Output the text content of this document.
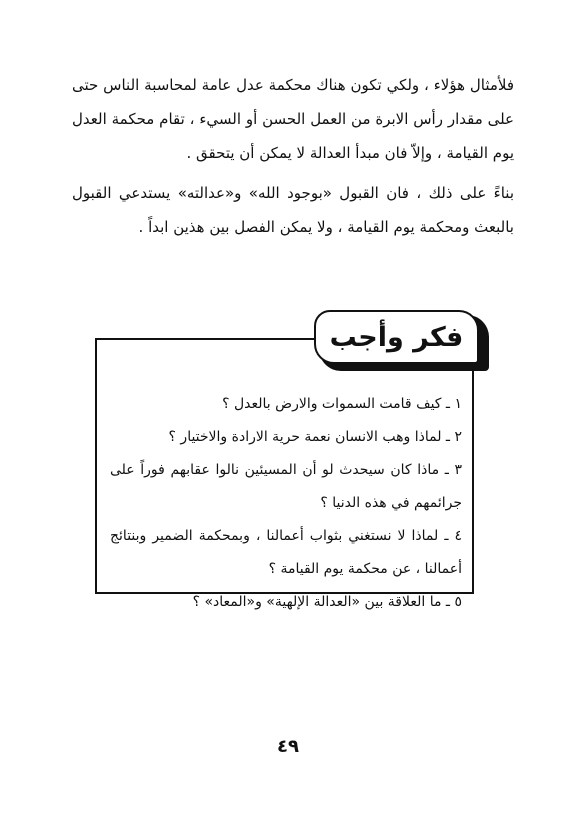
فلأمثال هؤلاء ، ولكي تكون هناك محكمة عدل عامة لمحاسبة الناس حتى على مقدار رأس الابرة من العمل الحسن أو السيء ، تقام محكمة العدل يوم القيامة ، وإلاّ فان مبدأ العدالة لا يمكن أن يتحقق .

بناءً على ذلك ، فان القبول «بوجود الله» و«عدالته» يستدعي القبول بالبعث ومحكمة يوم القيامة ، ولا يمكن الفصل بين هذين ابداً .

فكر وأجب
١ ـ كيف قامت السموات والارض بالعدل ؟
٢ ـ لماذا وهب الانسان نعمة حرية الارادة والاختيار ؟
٣ ـ ماذا كان سيحدث لو أن المسيئين نالوا عقابهم فوراً على جرائمهم في هذه الدنيا ؟
٤ ـ لماذا لا نستغني بثواب أعمالنا ، وبمحكمة الضمير وبنتائج أعمالنا ، عن محكمة يوم القيامة ؟
٥ ـ ما العلاقة بين «العدالة الإلهية» و«المعاد» ؟
٤٩
